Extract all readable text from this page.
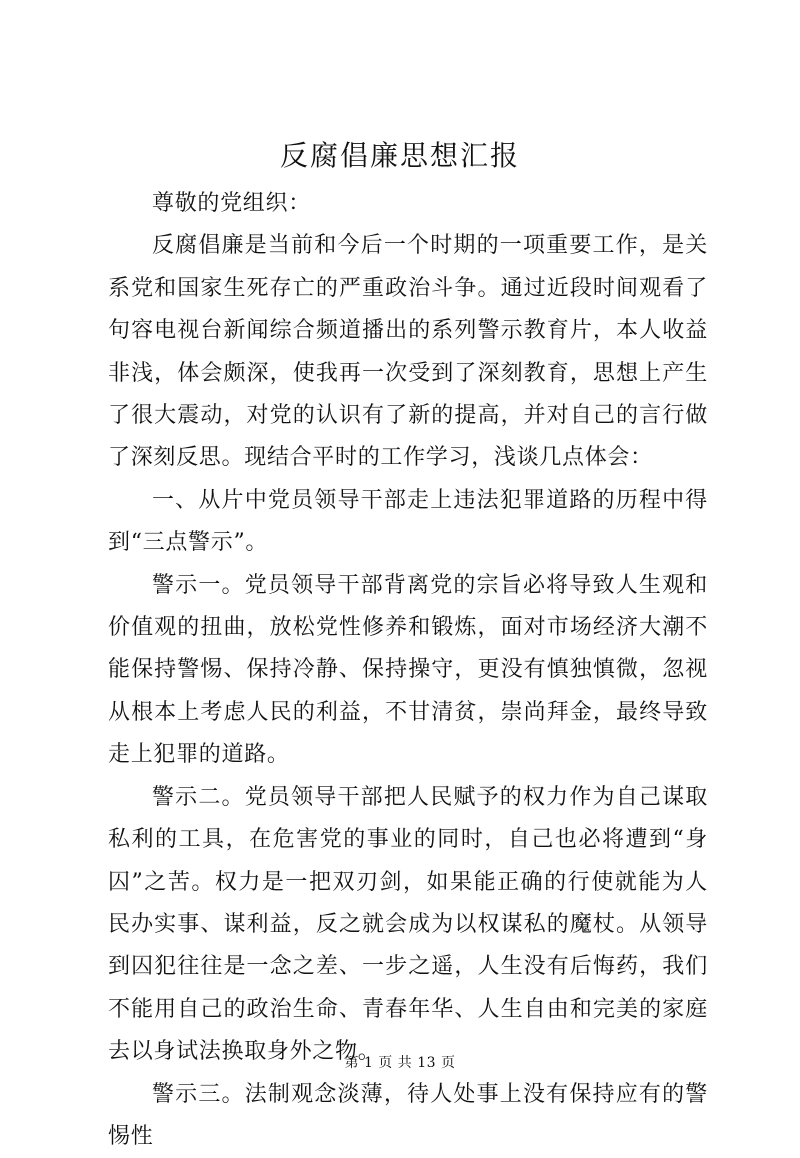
反腐倡廉思想汇报

尊敬的党组织：

反腐倡廉是当前和今后一个时期的一项重要工作，是关系党和国家生死存亡的严重政治斗争。通过近段时间观看了句容电视台新闻综合频道播出的系列警示教育片，本人收益非浅，体会颇深，使我再一次受到了深刻教育，思想上产生了很大震动，对党的认识有了新的提高，并对自己的言行做了深刻反思。现结合平时的工作学习，浅谈几点体会：

一、从片中党员领导干部走上违法犯罪道路的历程中得到“三点警示”。

警示一。党员领导干部背离党的宗旨必将导致人生观和价值观的扭曲，放松党性修养和锻炼，面对市场经济大潮不能保持警惕、保持冷静、保持操守，更没有慎独慎微，忽视从根本上考虑人民的利益，不甘清贫，崇尚拜金，最终导致走上犯罪的道路。

警示二。党员领导干部把人民赋予的权力作为自己谋取私利的工具，在危害党的事业的同时，自己也必将遭到“身囚”之苦。权力是一把双刃剑，如果能正确的行使就能为人民办实事、谋利益，反之就会成为以权谋私的魔杖。从领导到囚犯往往是一念之差、一步之遥，人生没有后悔药，我们不能用自己的政治生命、青春年华、人生自由和完美的家庭去以身试法换取身外之物。

警示三。法制观念淡薄，待人处事上没有保持应有的警惕性

第 1 页 共 13 页
